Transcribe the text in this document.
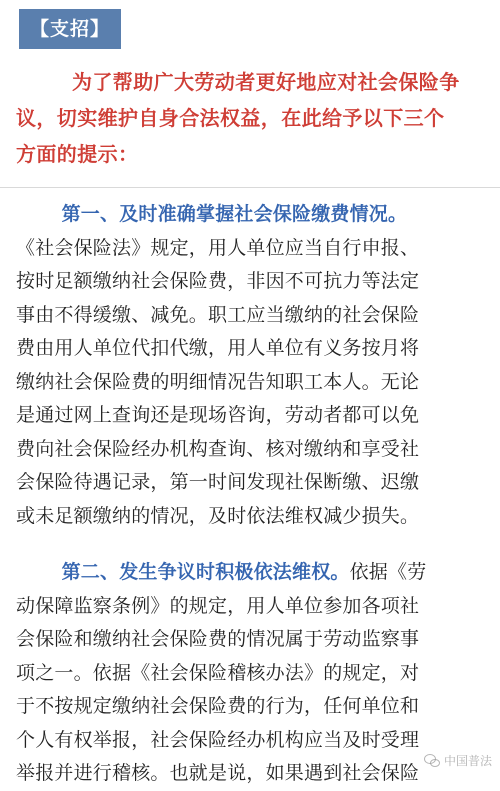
【支招】

为了帮助广大劳动者更好地应对社会保险争

议，切实维护自身合法权益，在此给予以下三个

方面的提示：

第一、及时准确掌握社会保险缴费情况。

《社会保险法》规定，用人单位应当自行申报、

按时足额缴纳社会保险费，非因不可抗力等法定

事由不得缓缴、减免。职工应当缴纳的社会保险

费由用人单位代扣代缴，用人单位有义务按月将

缴纳社会保险费的明细情况告知职工本人。无论

是通过网上查询还是现场咨询，劳动者都可以免

费向社会保险经办机构查询、核对缴纳和享受社

会保险待遇记录，第一时间发现社保断缴、迟缴

或未足额缴纳的情况，及时依法维权减少损失。

第二、发生争议时积极依法维权。依据《劳

动保障监察条例》的规定，用人单位参加各项社

会保险和缴纳社会保险费的情况属于劳动监察事

项之一。依据《社会保险稽核办法》的规定，对

于不按规定缴纳社会保险费的行为，任何单位和

个人有权举报，社会保险经办机构应当及时受理

举报并进行稽核。也就是说，如果遇到社会保险

中国普法
